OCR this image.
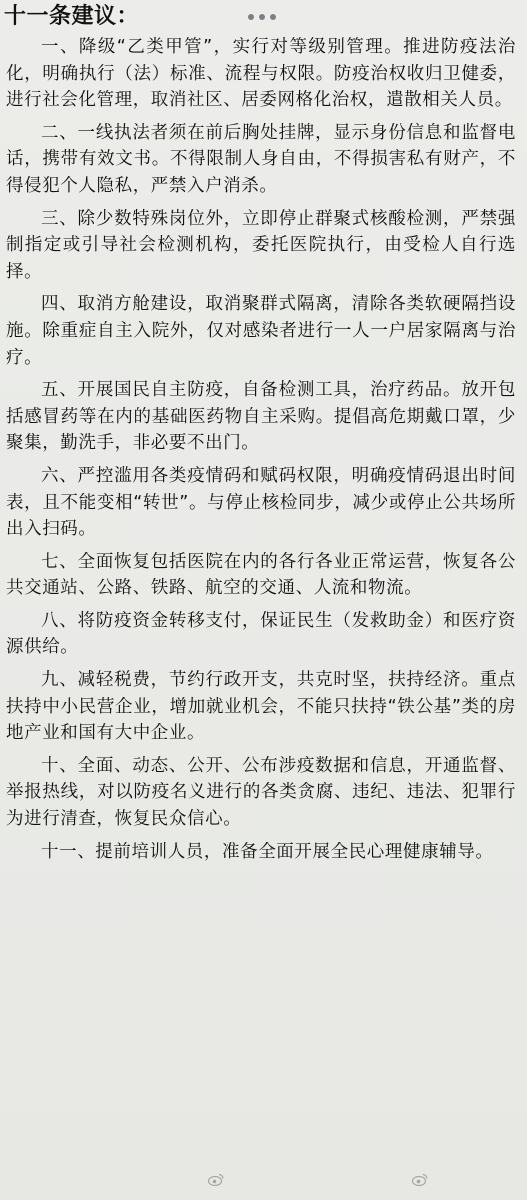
十一条建议：

一、降级“乙类甲管”，实行对等级别管理。推进防疫法治化，明确执行（法）标准、流程与权限。防疫治权收归卫健委，进行社会化管理，取消社区、居委网格化治权，遣散相关人员。

二、一线执法者须在前后胸处挂牌，显示身份信息和监督电话，携带有效文书。不得限制人身自由，不得损害私有财产，不得侵犯个人隐私，严禁入户消杀。

三、除少数特殊岗位外，立即停止群聚式核酸检测，严禁强制指定或引导社会检测机构，委托医院执行，由受检人自行选择。

四、取消方舱建设，取消聚群式隔离，清除各类软硬隔挡设施。除重症自主入院外，仅对感染者进行一人一户居家隔离与治疗。

五、开展国民自主防疫，自备检测工具，治疗药品。放开包括感冒药等在内的基础医药物自主采购。提倡高危期戴口罩，少聚集，勤洗手，非必要不出门。

六、严控滥用各类疫情码和赋码权限，明确疫情码退出时间表，且不能变相“转世”。与停止核检同步，减少或停止公共场所出入扫码。

七、全面恢复包括医院在内的各行各业正常运营，恢复各公共交通站、公路、铁路、航空的交通、人流和物流。

八、将防疫资金转移支付，保证民生（发救助金）和医疗资源供给。

九、减轻税费，节约行政开支，共克时坚，扶持经济。重点扶持中小民营企业，增加就业机会，不能只扶持“铁公基”类的房地产业和国有大中企业。

十、全面、动态、公开、公布涉疫数据和信息，开通监督、举报热线，对以防疫名义进行的各类贪腐、违纪、违法、犯罪行为进行清查，恢复民众信心。

十一、提前培训人员，准备全面开展全民心理健康辅导。
